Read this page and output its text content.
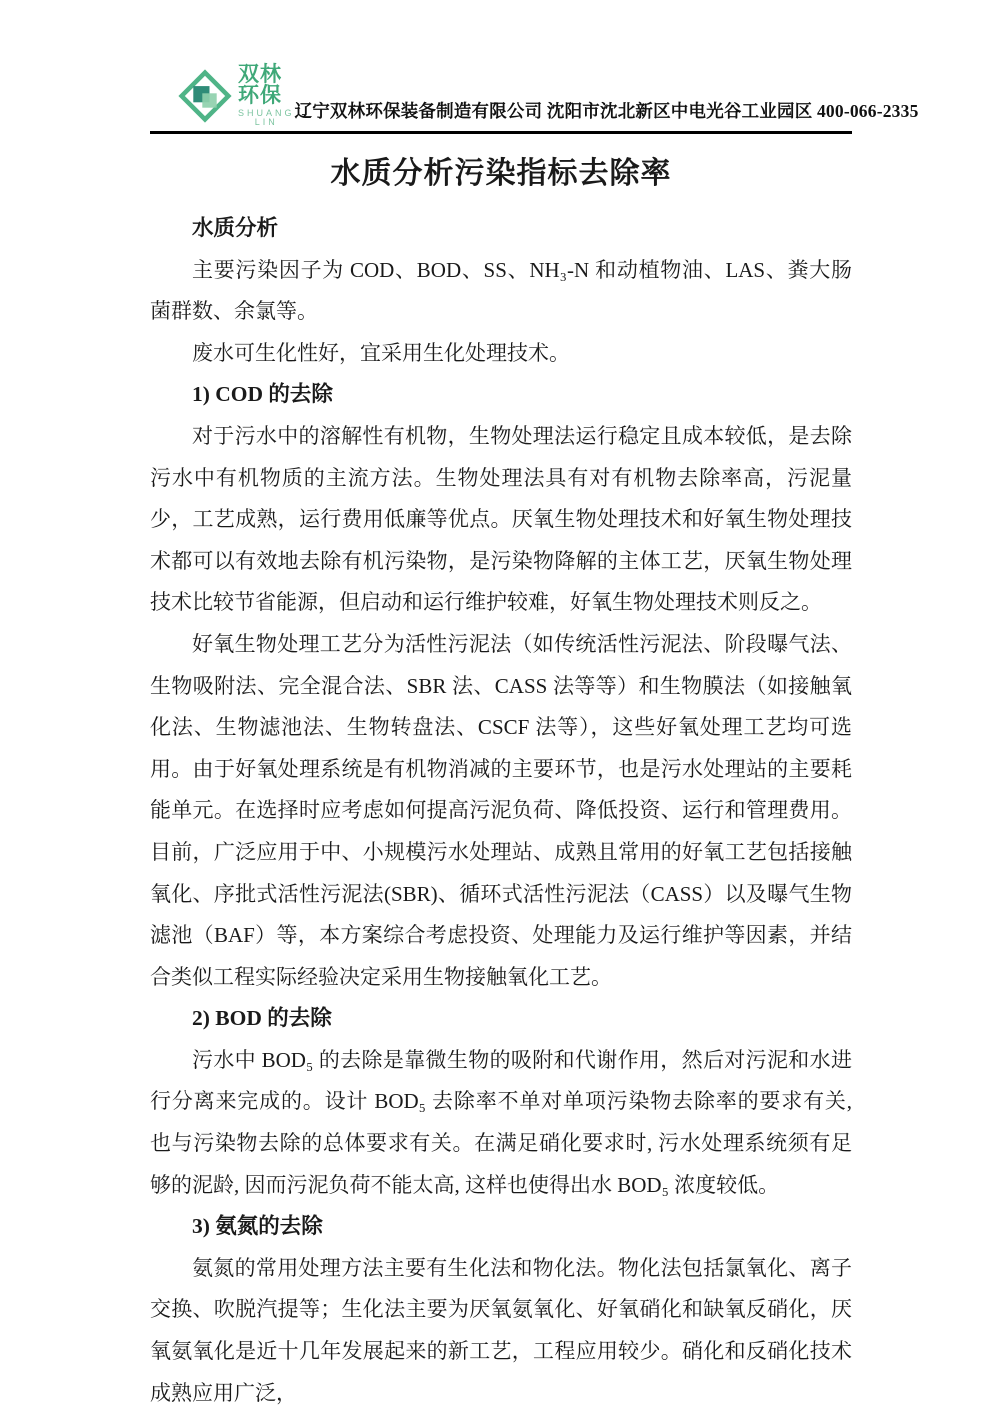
双林环保
SHUANG LIN
辽宁双林环保装备制造有限公司 沈阳市沈北新区中电光谷工业园区 400-066-2335
水质分析污染指标去除率
水质分析

主要污染因子为 COD、BOD、SS、NH₃-N 和动植物油、LAS、粪大肠菌群数、余氯等。

废水可生化性好，宜采用生化处理技术。

1) COD 的去除

对于污水中的溶解性有机物，生物处理法运行稳定且成本较低，是去除污水中有机物质的主流方法。生物处理法具有对有机物去除率高，污泥量少，工艺成熟，运行费用低廉等优点。厌氧生物处理技术和好氧生物处理技术都可以有效地去除有机污染物，是污染物降解的主体工艺，厌氧生物处理技术比较节省能源，但启动和运行维护较难，好氧生物处理技术则反之。

好氧生物处理工艺分为活性污泥法（如传统活性污泥法、阶段曝气法、生物吸附法、完全混合法、SBR 法、CASS 法等等）和生物膜法（如接触氧化法、生物滤池法、生物转盘法、CSCF 法等），这些好氧处理工艺均可选用。由于好氧处理系统是有机物消减的主要环节，也是污水处理站的主要耗能单元。在选择时应考虑如何提高污泥负荷、降低投资、运行和管理费用。目前，广泛应用于中、小规模污水处理站、成熟且常用的好氧工艺包括接触氧化、序批式活性污泥法(SBR)、循环式活性污泥法（CASS）以及曝气生物滤池（BAF）等，本方案综合考虑投资、处理能力及运行维护等因素，并结合类似工程实际经验决定采用生物接触氧化工艺。

2) BOD 的去除

污水中 BOD₅ 的去除是靠微生物的吸附和代谢作用，然后对污泥和水进行分离来完成的。设计 BOD₅ 去除率不单对单项污染物去除率的要求有关, 也与污染物去除的总体要求有关。在满足硝化要求时, 污水处理系统须有足够的泥龄, 因而污泥负荷不能太高, 这样也使得出水 BOD₅ 浓度较低。

3) 氨氮的去除

氨氮的常用处理方法主要有生化法和物化法。物化法包括氯氧化、离子交换、吹脱汽提等；生化法主要为厌氧氨氧化、好氧硝化和缺氧反硝化，厌氧氨氧化是近十几年发展起来的新工艺，工程应用较少。硝化和反硝化技术成熟应用广泛，
